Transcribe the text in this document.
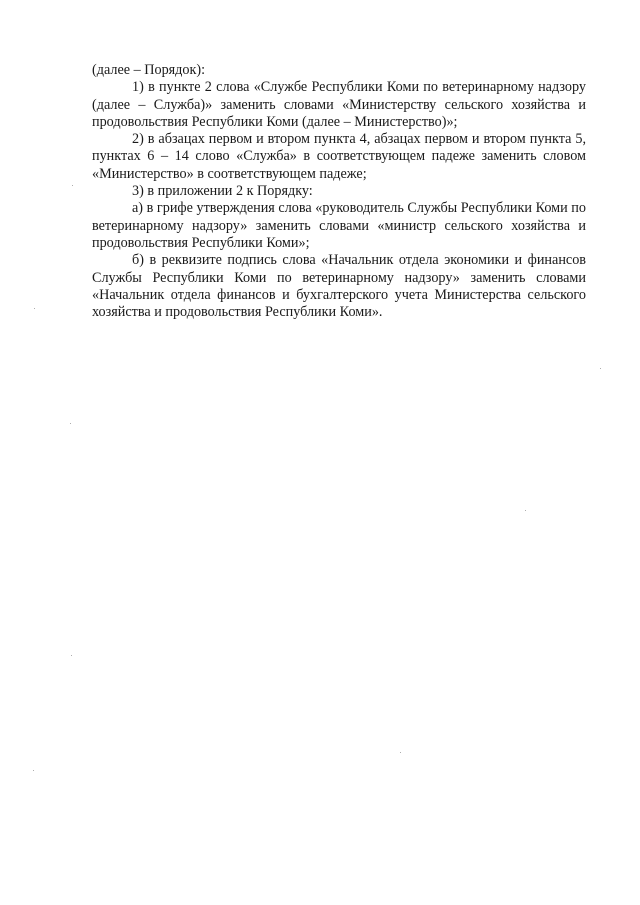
(далее – Порядок):

1) в пункте 2 слова «Службе Республики Коми по ветеринарному надзору (далее – Служба)» заменить словами «Министерству сельского хозяйства и продовольствия Республики Коми (далее – Министерство)»;

2) в абзацах первом и втором пункта 4, абзацах первом и втором пункта 5, пунктах 6 – 14 слово «Служба» в соответствующем падеже заменить словом «Министерство» в соответствующем падеже;

3) в приложении 2 к Порядку:

а) в грифе утверждения слова «руководитель Службы Республики Коми по ветеринарному надзору» заменить словами «министр сельского хозяйства и продовольствия Республики Коми»;

б) в реквизите подпись слова «Начальник отдела экономики и финансов Службы Республики Коми по ветеринарному надзору» заменить словами «Начальник отдела финансов и бухгалтерского учета Министерства сельского хозяйства и продовольствия Республики Коми».
